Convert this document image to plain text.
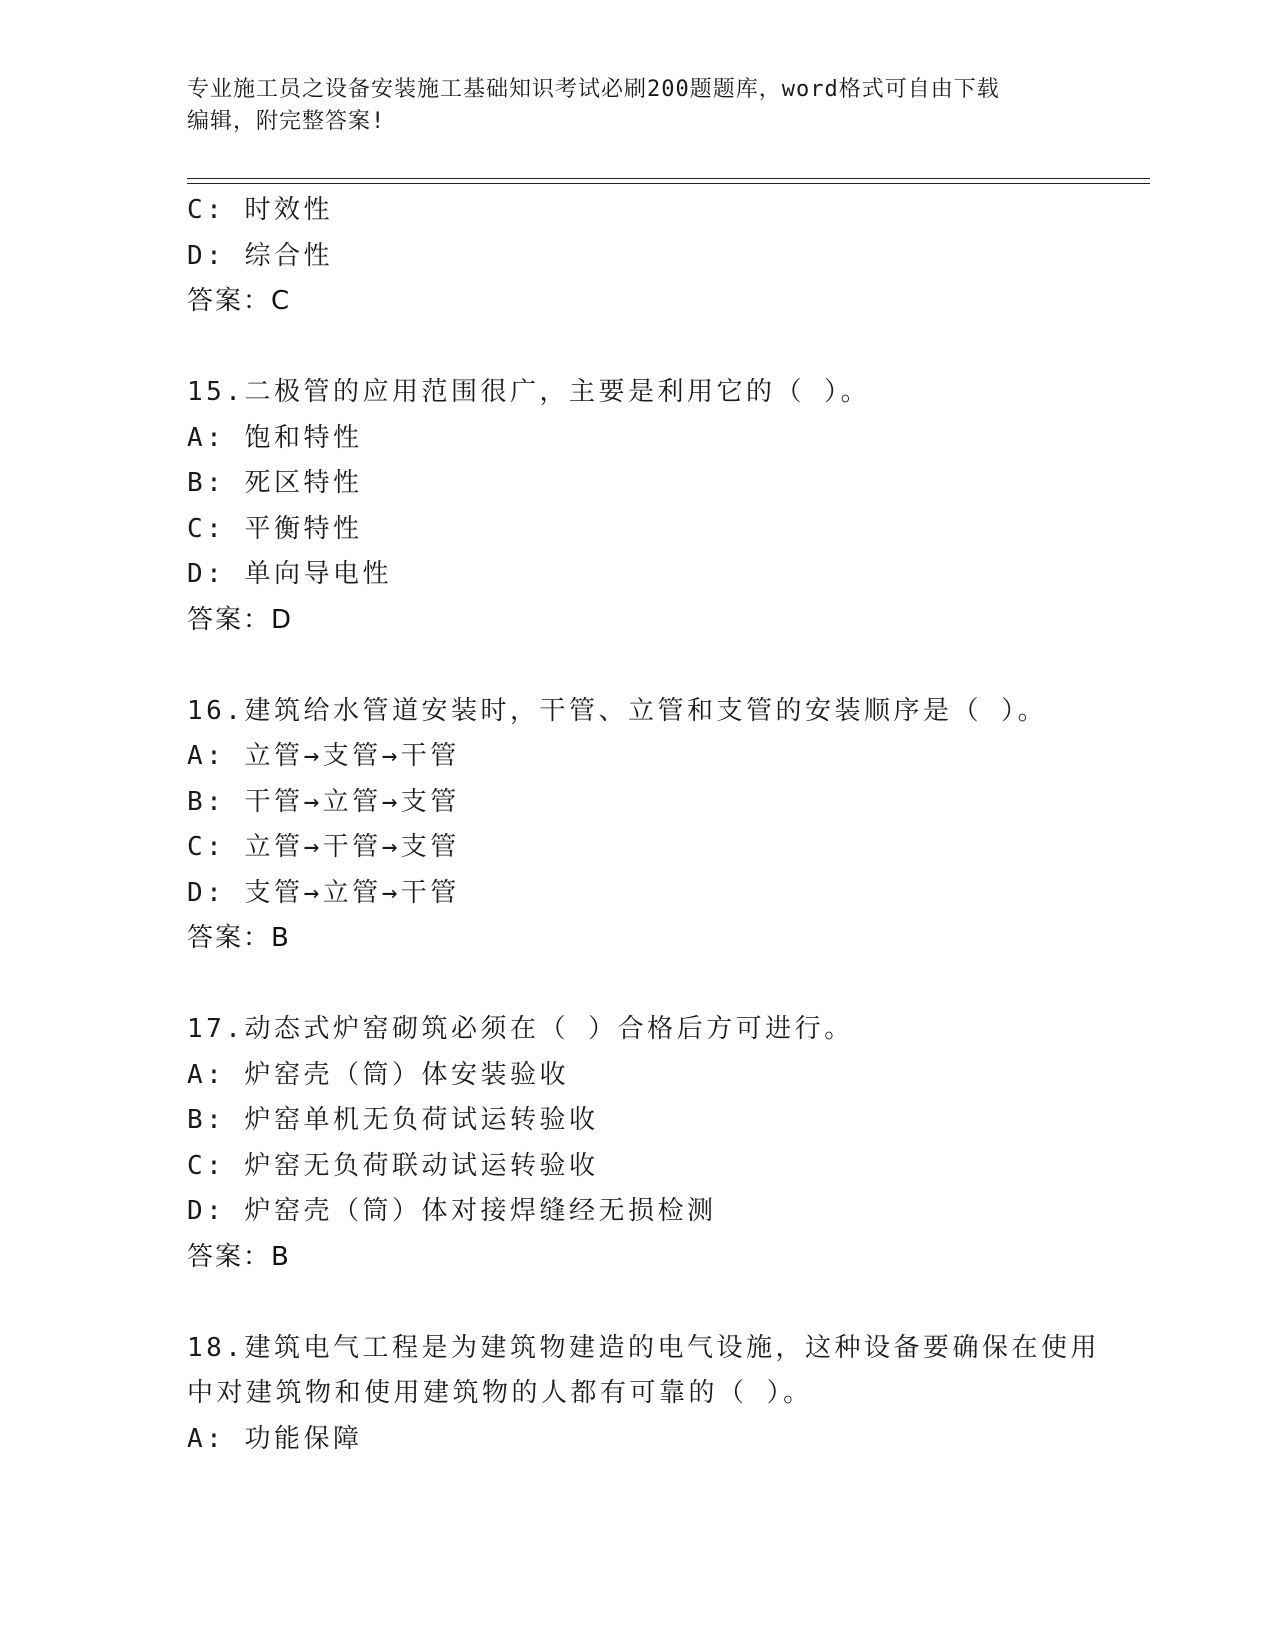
专业施工员之设备安装施工基础知识考试必刷200题题库，word格式可自由下载
编辑，附完整答案!
C: 时效性
D: 综合性
答案：C
15.二极管的应用范围很广，主要是利用它的（ ）。
A: 饱和特性
B: 死区特性
C: 平衡特性
D: 单向导电性
答案：D
16.建筑给水管道安装时，干管、立管和支管的安装顺序是（ ）。
A: 立管→支管→干管
B: 干管→立管→支管
C: 立管→干管→支管
D: 支管→立管→干管
答案：B
17.动态式炉窑砌筑必须在（ ）合格后方可进行。
A: 炉窑壳（筒）体安装验收
B: 炉窑单机无负荷试运转验收
C: 炉窑无负荷联动试运转验收
D: 炉窑壳（筒）体对接焊缝经无损检测
答案：B
18.建筑电气工程是为建筑物建造的电气设施，这种设备要确保在使用
中对建筑物和使用建筑物的人都有可靠的（ ）。
A: 功能保障
